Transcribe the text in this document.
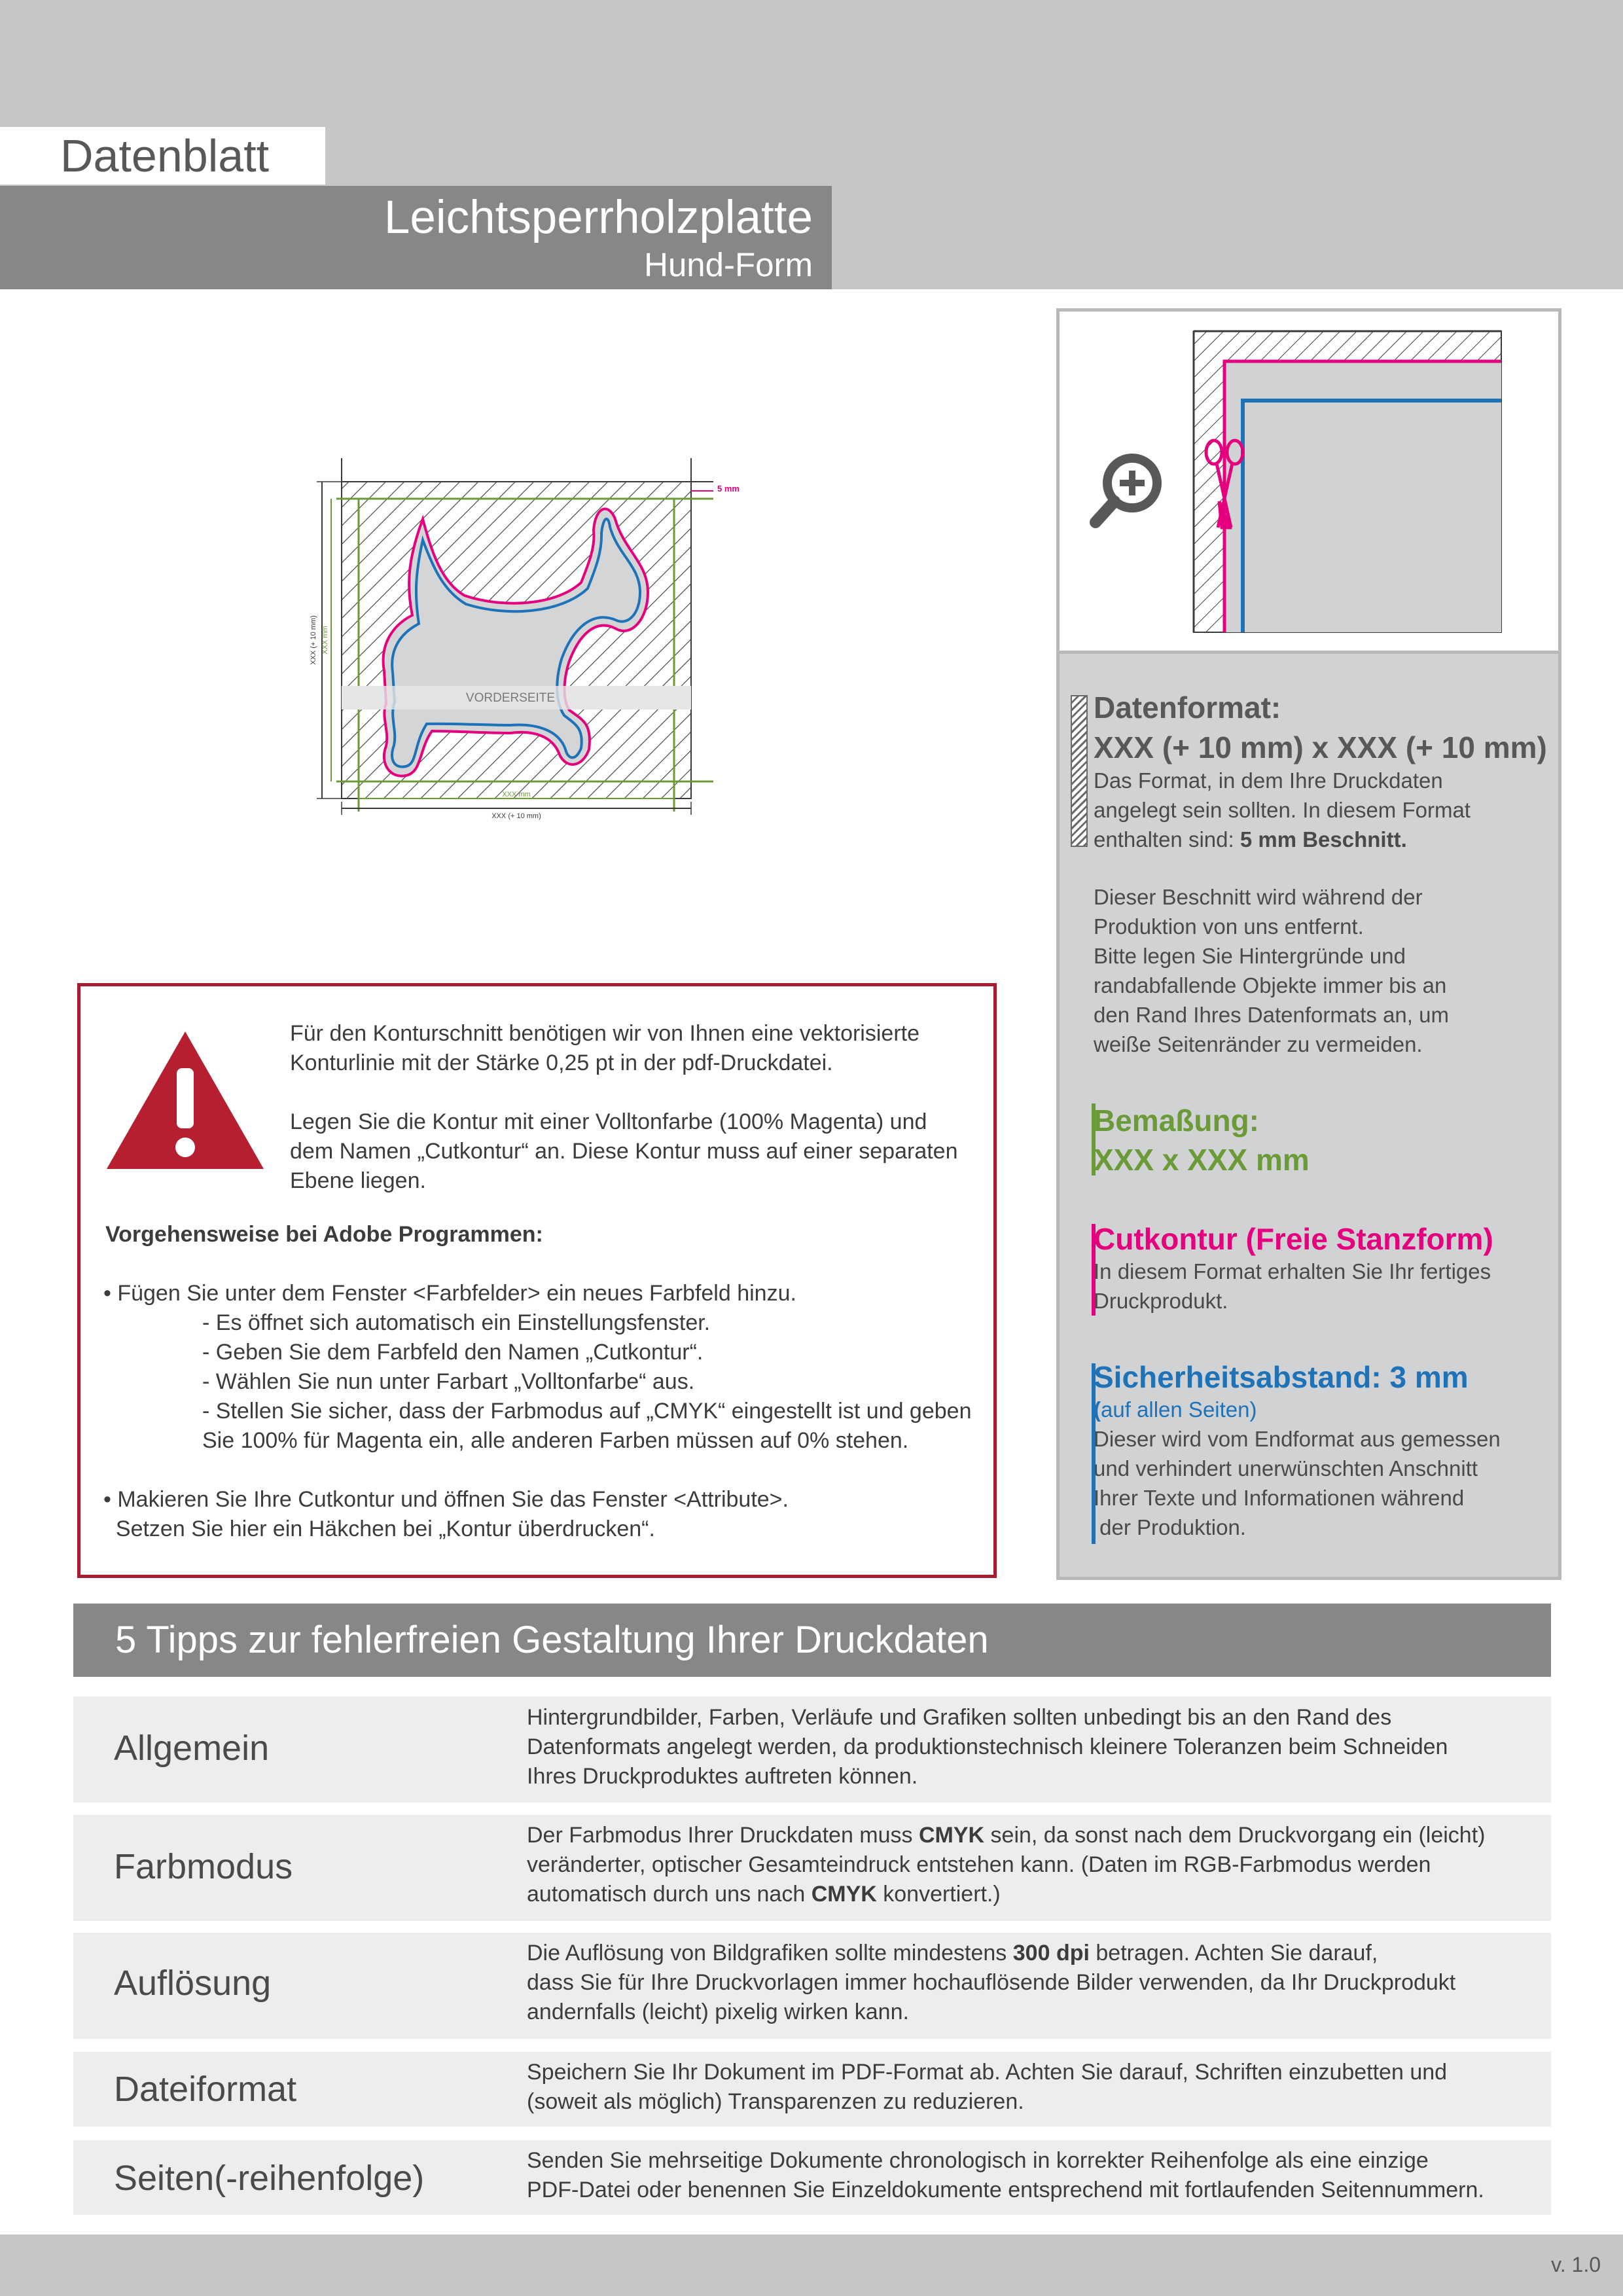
Datenblatt
Leichtsperrholzplatte
Hund-Form
5 mm
VORDERSEITE
XXX (+ 10 mm) XXX mm
XXX mm
XXX (+ 10 mm)
Datenformat:
XXX (+ 10 mm) x XXX (+ 10 mm)
Das Format, in dem Ihre Druckdaten
angelegt sein sollten. In diesem Format
enthalten sind: 5 mm Beschnitt.
Dieser Beschnitt wird während der
Produktion von uns entfernt.
Bitte legen Sie Hintergründe und
randabfallende Objekte immer bis an
den Rand Ihres Datenformats an, um
weiße Seitenränder zu vermeiden.
Bemaßung:
XXX x XXX mm
Cutkontur (Freie Stanzform)
In diesem Format erhalten Sie Ihr fertiges
Druckprodukt.
Sicherheitsabstand: 3 mm
(auf allen Seiten)
Dieser wird vom Endformat aus gemessen
und verhindert unerwünschten Anschnitt
Ihrer Texte und Informationen während
der Produktion.
Für den Konturschnitt benötigen wir von Ihnen eine vektorisierte
Konturlinie mit der Stärke 0,25 pt in der pdf-Druckdatei.
Legen Sie die Kontur mit einer Volltonfarbe (100% Magenta) und
dem Namen „Cutkontur“ an. Diese Kontur muss auf einer separaten
Ebene liegen.
Vorgehensweise bei Adobe Programmen:
• Fügen Sie unter dem Fenster <Farbfelder> ein neues Farbfeld hinzu.
- Es öffnet sich automatisch ein Einstellungsfenster.
- Geben Sie dem Farbfeld den Namen „Cutkontur“.
- Wählen Sie nun unter Farbart „Volltonfarbe“ aus.
- Stellen Sie sicher, dass der Farbmodus auf „CMYK“ eingestellt ist und geben
Sie 100% für Magenta ein, alle anderen Farben müssen auf 0% stehen.
• Makieren Sie Ihre Cutkontur und öffnen Sie das Fenster <Attribute>.
Setzen Sie hier ein Häkchen bei „Kontur überdrucken“.
5 Tipps zur fehlerfreien Gestaltung Ihrer Druckdaten
Allgemein
Hintergrundbilder, Farben, Verläufe und Grafiken sollten unbedingt bis an den Rand des
Datenformats angelegt werden, da produktionstechnisch kleinere Toleranzen beim Schneiden
Ihres Druckproduktes auftreten können.
Farbmodus
Der Farbmodus Ihrer Druckdaten muss CMYK sein, da sonst nach dem Druckvorgang ein (leicht)
veränderter, optischer Gesamteindruck entstehen kann. (Daten im RGB-Farbmodus werden
automatisch durch uns nach CMYK konvertiert.)
Auflösung
Die Auflösung von Bildgrafiken sollte mindestens 300 dpi betragen. Achten Sie darauf,
dass Sie für Ihre Druckvorlagen immer hochauflösende Bilder verwenden, da Ihr Druckprodukt
andernfalls (leicht) pixelig wirken kann.
Dateiformat	Speichern Sie Ihr Dokument im PDF-Format ab. Achten Sie darauf, Schriften einzubetten und
(soweit als möglich) Transparenzen zu reduzieren.
Seiten(-reihenfolge)	Senden Sie mehrseitige Dokumente chronologisch in korrekter Reihenfolge als eine einzige
PDF-Datei oder benennen Sie Einzeldokumente entsprechend mit fortlaufenden Seitennummern.
v. 1.0
